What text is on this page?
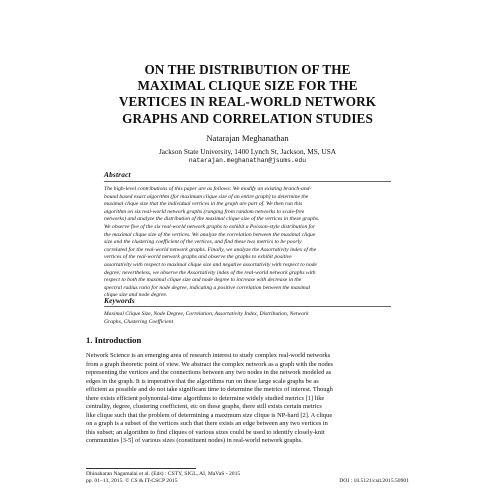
ON THE DISTRIBUTION OF THE
MAXIMAL CLIQUE SIZE FOR THE
VERTICES IN REAL-WORLD NETWORK
GRAPHS AND CORRELATION STUDIES
Natarajan Meghanathan
Jackson State University, 1400 Lynch St, Jackson, MS, USA
natarajan.meghanathan@jsums.edu
Abstract
The high-level contributions of this paper are as follows: We modify an existing branch-and-
bound based exact algorithm (for maximum clique size of an entire graph) to determine the
maximal clique size that the individual vertices in the graph are part of. We then run this
algorithm on six real-world network graphs (ranging from random networks to scale-free
networks) and analyze the distribution of the maximal clique size of the vertices in these graphs.
We observe five of the six real-world network graphs to exhibit a Poisson-style distribution for
the maximal clique size of the vertices. We analyze the correlation between the maximal clique
size and the clustering coefficient of the vertices, and find these two metrics to be poorly
correlated for the real-world network graphs. Finally, we analyze the Assortativity index of the
vertices of the real-world network graphs and observe the graphs to exhibit positive
assortativity with respect to maximal clique size and negative assortativity with respect to node
degree; nevertheless, we observe the Assortativity index of the real-world network graphs with
respect to both the maximal clique size and node degree to increase with decrease in the
spectral radius ratio for node degree, indicating a positive correlation between the maximal
clique size and node degree.
Keywords
Maximal Clique Size, Node Degree, Correlation, Assortativity Index, Distribution, Network
Graphs, Clustering Coefficient
1. Introduction
Network Science is an emerging area of research interest to study complex real-world networks
from a graph theoretic point of view. We abstract the complex network as a graph with the nodes
representing the vertices and the connections between any two nodes in the network modeled as
edges in the graph. It is imperative that the algorithms run on these large scale graphs be as
efficient as possible and do not take significant time to determine the metrics of interest. Though
there exists efficient polynomial-time algorithms to determine widely studied metrics [1] like
centrality, degree, clustering coefficient, etc on these graphs, there still exists certain metrics
like clique such that the problem of determining a maximum size clique is NP-hard [2]. A clique
on a graph is a subset of the vertices such that there exists an edge between any two vertices in
this subset; an algorithm to find cliques of various sizes could be used to identify closely-knit
communities [3-5] of various sizes (constituent nodes) in real-world network graphs.
Dhinaharan Nagamalai et al. (Eds) : CSTY, SIGL, AI, MaVaS - 2015
pp. 01–13, 2015. © CS & IT-CSCP 2015	DOI : 10.5121/csit.2015.50901
